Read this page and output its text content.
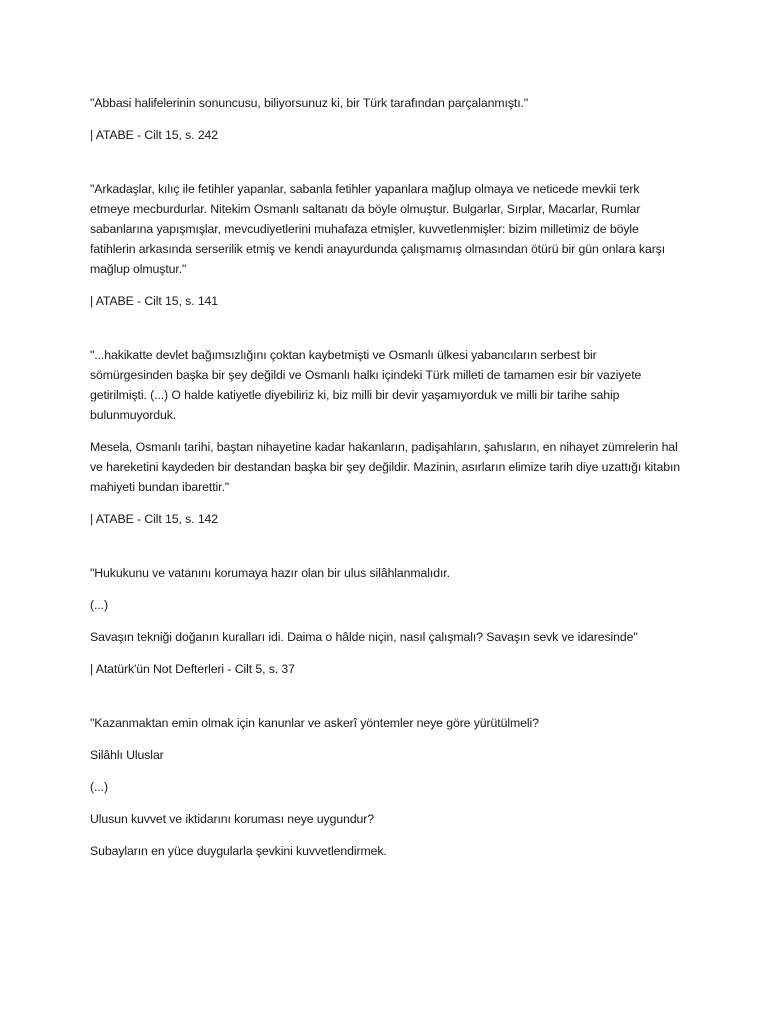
"Abbasi halifelerinin sonuncusu, biliyorsunuz ki, bir Türk tarafından parçalanmıştı."

| ATABE - Cilt 15, s. 242

"Arkadaşlar, kılıç ile fetihler yapanlar, sabanla fetihler yapanlara mağlup olmaya ve neticede mevkii terk etmeye mecburdurlar. Nitekim Osmanlı saltanatı da böyle olmuştur. Bulgarlar, Sırplar, Macarlar, Rumlar sabanlarına yapışmışlar, mevcudiyetlerini muhafaza etmişler, kuvvetlenmişler: bizim milletimiz de böyle fatihlerin arkasında serserilik etmiş ve kendi anayurdunda çalışmamış olmasından ötürü bir gün onlara karşı mağlup olmuştur."

| ATABE - Cilt 15, s. 141

"...hakikatte devlet bağımsızlığını çoktan kaybetmişti ve Osmanlı ülkesi yabancıların serbest bir sömürgesinden başka bir şey değildi ve Osmanlı halkı içindeki Türk milleti de tamamen esir bir vaziyete getirilmişti. (...) O halde katiyetle diyebiliriz ki, biz milli bir devir yaşamıyorduk ve milli bir tarihe sahip bulunmuyorduk.

Mesela, Osmanlı tarihi, baştan nihayetine kadar hakanların, padişahların, şahısların, en nihayet zümrelerin hal ve hareketini kaydeden bir destandan başka bir şey değildir. Mazinin, asırların elimize tarih diye uzattığı kitabın mahiyeti bundan ibarettir."

| ATABE - Cilt 15, s. 142

"Hukukunu ve vatanını korumaya hazır olan bir ulus silâhlanmalıdır.

(...)

Savaşın tekniği doğanın kuralları idi. Daima o hâlde niçin, nasıl çalışmalı? Savaşın sevk ve idaresinde"

| Atatürk'ün Not Defterleri - Cilt 5, s. 37

"Kazanmaktan emin olmak için kanunlar ve askerî yöntemler neye göre yürütülmeli?

Silâhlı Uluslar

(...)

Ulusun kuvvet ve iktidarını koruması neye uygundur?

Subayların en yüce duygularla şevkini kuvvetlendirmek.
